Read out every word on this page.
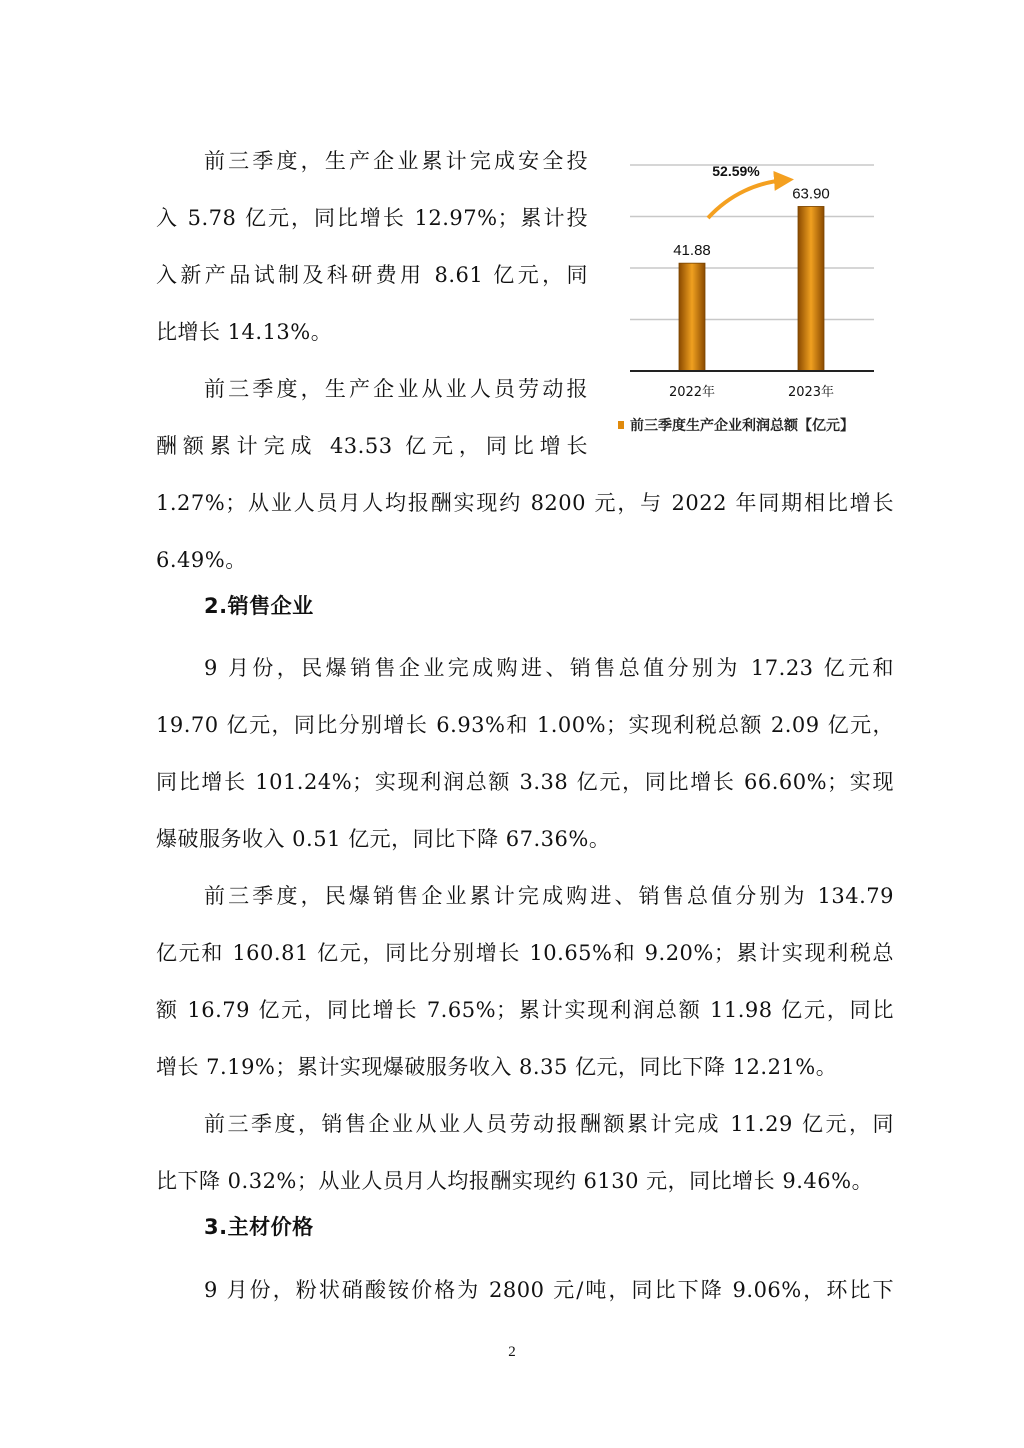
前三季度，生产企业累计完成安全投

入 5.78 亿元，同比增长 12.97%；累计投

入新产品试制及科研费用 8.61 亿元，同

比增长 14.13%。

前三季度，生产企业从业人员劳动报

酬额累计完成 43.53 亿元，同比增长

1.27%；从业人员月人均报酬实现约 8200 元，与 2022 年同期相比增长

6.49%。

2.销售企业

9 月份，民爆销售企业完成购进、销售总值分别为 17.23 亿元和

19.70 亿元，同比分别增长 6.93%和 1.00%；实现利税总额 2.09 亿元，

同比增长 101.24%；实现利润总额 3.38 亿元，同比增长 66.60%；实现

爆破服务收入 0.51 亿元，同比下降 67.36%。

前三季度，民爆销售企业累计完成购进、销售总值分别为 134.79

亿元和 160.81 亿元，同比分别增长 10.65%和 9.20%；累计实现利税总

额 16.79 亿元，同比增长 7.65%；累计实现利润总额 11.98 亿元，同比

增长 7.19%；累计实现爆破服务收入 8.35 亿元，同比下降 12.21%。

前三季度，销售企业从业人员劳动报酬额累计完成 11.29 亿元，同

比下降 0.32%；从业人员月人均报酬实现约 6130 元，同比增长 9.46%。

3.主材价格

9 月份，粉状硝酸铵价格为 2800 元/吨，同比下降 9.06%，环比下

52.59%
41.88
63.90
2022年	2023年
前三季度生产企业利润总额【亿元】
2
